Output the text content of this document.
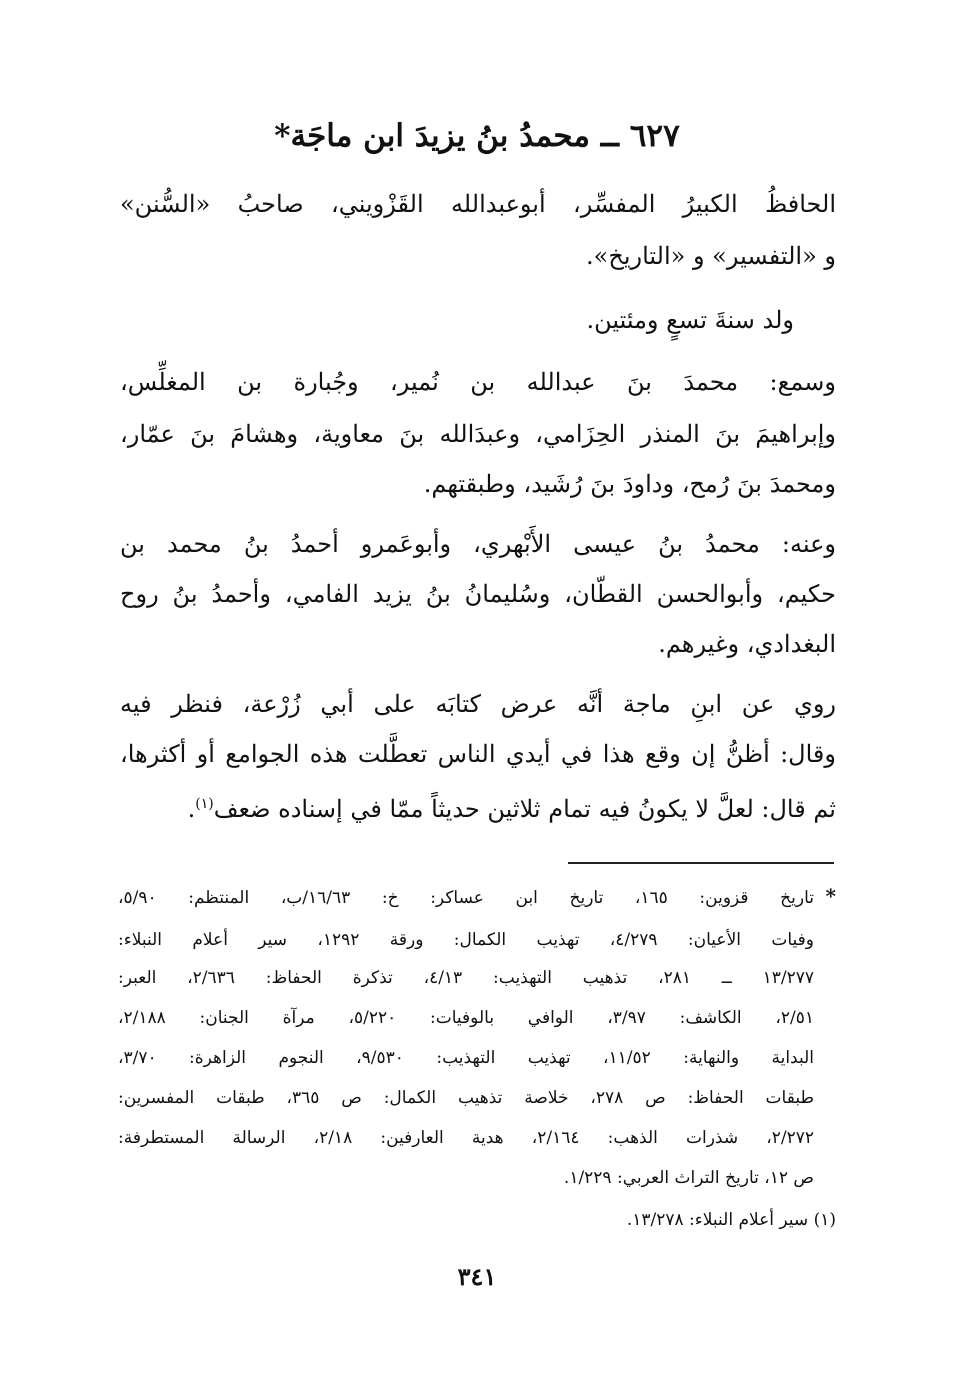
٦٢٧ ــ محمدُ بنُ يزيدَ ابن ماجَة*
الحافظُ الكبيرُ المفسِّر، أبوعبدالله القَزْويني، صاحبُ «السُّنن»
و «التفسير» و «التاريخ».
ولد سنةَ تسعٍ ومئتين.
وسمع: محمدَ بنَ عبدالله بن نُمير، وجُبارة بن المغلِّس،
وإبراهيمَ بنَ المنذر الحِزَامي، وعبدَالله بنَ معاوية، وهشامَ بنَ عمّار،
ومحمدَ بنَ رُمح، وداودَ بنَ رُشَيد، وطبقتهم.
وعنه: محمدُ بنُ عيسى الأَبْهري، وأبوعَمرو أحمدُ بنُ محمد بن
حكيم، وأبوالحسن القطّان، وسُليمانُ بنُ يزيد الفامي، وأحمدُ بنُ روح
البغدادي، وغيرهم.
روي عن ابنِ ماجة أنَّه عرض كتابَه على أبي زُرْعة، فنظر فيه
وقال: أظنُّ إن وقع هذا في أيدي الناس تعطَّلت هذه الجوامع أو أكثرها،
ثم قال: لعلَّ لا يكونُ فيه تمام ثلاثين حديثاً ممّا في إسناده ضعف$^{(١)}$.
*
تاريخ قزوين: ١٦٥، تاريخ ابن عساكر: خ: ١٦/٦٣/ب، المنتظم: ٥/٩٠،
وفيات الأعيان: ٤/٢٧٩، تهذيب الكمال: ورقة ١٢٩٢، سير أعلام النبلاء:
١٣/٢٧٧ ــ ٢٨١، تذهيب التهذيب: ٤/١٣، تذكرة الحفاظ: ٢/٦٣٦، العبر:
٢/٥١، الكاشف: ٣/٩٧، الوافي بالوفيات: ٥/٢٢٠، مرآة الجنان: ٢/١٨٨،
البداية والنهاية: ١١/٥٢، تهذيب التهذيب: ٩/٥٣٠، النجوم الزاهرة: ٣/٧٠،
طبقات الحفاظ: ص ٢٧٨، خلاصة تذهيب الكمال: ص ٣٦٥، طبقات المفسرين:
٢/٢٧٢، شذرات الذهب: ٢/١٦٤، هدية العارفين: ٢/١٨، الرسالة المستطرفة:
ص ١٢، تاريخ التراث العربي: ١/٢٢٩.
(١) سير أعلام النبلاء: ١٣/٢٧٨.
٣٤١
